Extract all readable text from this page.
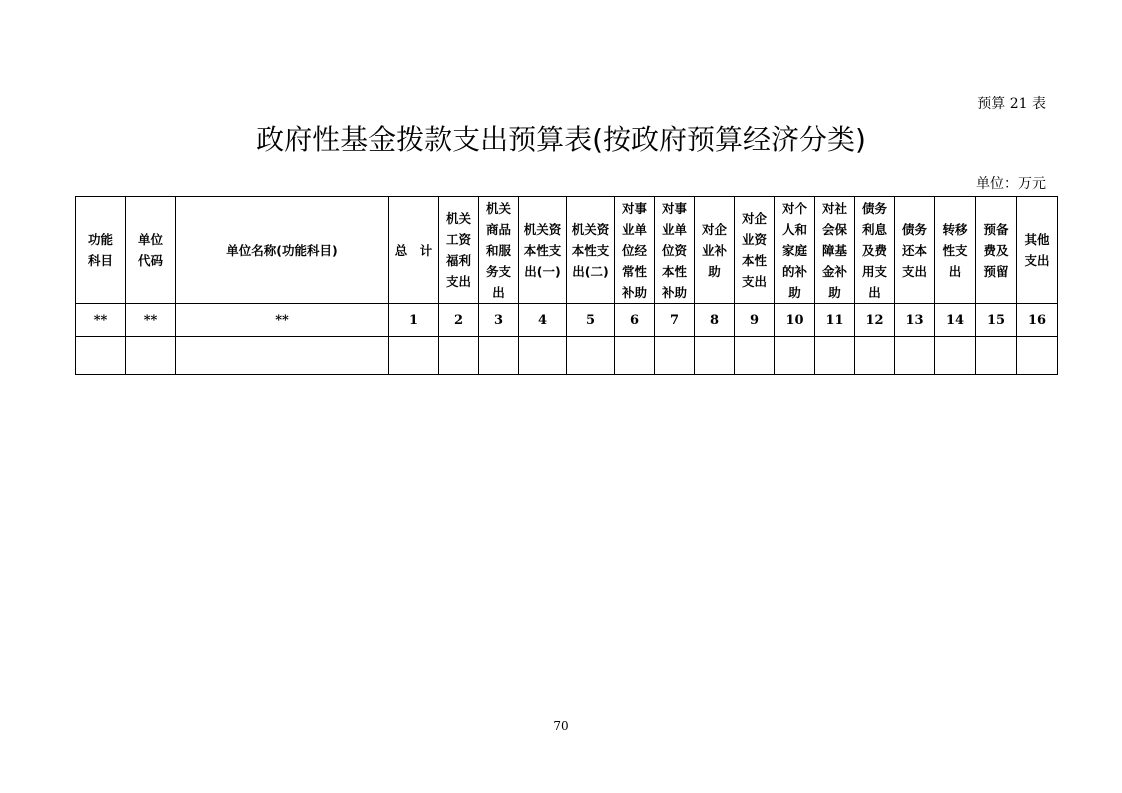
预算 21 表
政府性基金拨款支出预算表(按政府预算经济分类)
单位：万元
功能
科目	单位
代码	单位名称(功能科目)	总　计	机关
工资
福利
支出	机关
商品
和服
务支
出	机关资
本性支
出(一)	机关资
本性支
出(二)	对事
业单
位经
常性
补助	对事
业单
位资
本性
补助	对企
业补
助	对企
业资
本性
支出	对个
人和
家庭
的补
助	对社
会保
障基
金补
助	债务
利息
及费
用支
出	债务
还本
支出	转移
性支
出	预备
费及
预留	其他
支出
**	**	**	1	2	3	4	5	6	7	8	9	10	11	12	13	14	15	16

70
